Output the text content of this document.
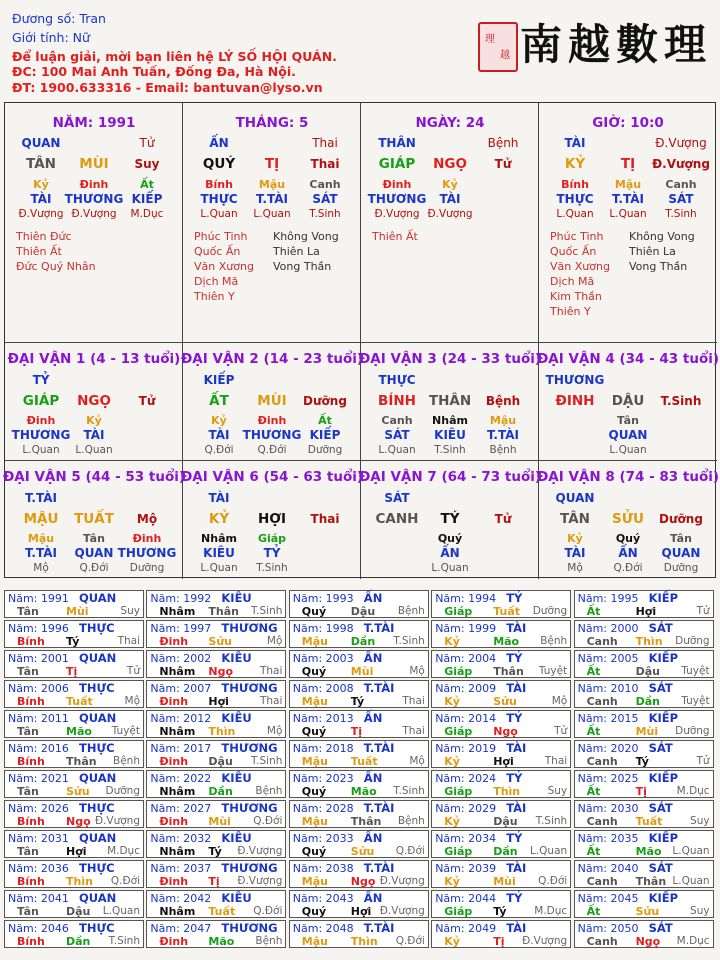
Đương số: Tran
Giới tính: Nữ
Để luận giải, mời bạn liên hệ LÝ SỐ HỘI QUÁN.
ĐC: 100 Mai Anh Tuấn, Đống Đa, Hà Nội.
ĐT: 1900.633316 - Email: bantuvan@lyso.vn
理
越 南 越 數 理
NĂM: 1991
QUAN	Tử
TÂN MÙI Suy
Kỷ	Đinh	Ất
TÀI THƯƠNG KIẾP
Đ.Vượng Đ.Vượng M.Dục
Thiên Đức
Thiên Ất
Đức Quý Nhân
THÁNG: 5
ẤN	Thai
QUÝ TỊ	Thai
Bính Mậu Canh
THỰC T.TÀI SÁT
L.Quan L.Quan T.Sinh
Phúc Tinh
Quốc Ấn
Văn Xương
Dịch Mã
Thiên Y
Không Vong
Thiên La
Vong Thần
NGÀY: 24
THÂN	Bệnh
GIÁP NGỌ Tử
Đinh	Kỷ
THƯƠNG TÀI
Đ.Vượng Đ.Vượng
Thiên Ất
GIỜ: 10:0
TÀI	Đ.Vượng
KỶ	TỊ Đ.Vượng
Bính Mậu Canh
THỰC T.TÀI SÁT
L.Quan L.Quan T.Sinh
Phúc Tinh
Quốc Ấn
Văn Xương
Dịch Mã
Kim Thần
Thiên Y
Không Vong
Thiên La
Vong Thần
ĐẠI VẬN 1 (4 - 13 tuổi)
TỶ
GIÁP NGỌ Tử
Đinh	Kỷ
THƯƠNG TÀI
L.Quan L.Quan
ĐẠI VẬN 2 (14 - 23 tuổi)
KIẾP
ẤT MÙI Dưỡng
Kỷ	Đinh	Ất
TÀI THƯƠNG KIẾP
Q.Đới Q.Đới Dưỡng
ĐẠI VẬN 3 (24 - 33 tuổi)
THỰC
BÍNH THÂN Bệnh
Canh Nhâm Mậu
SÁT KIÊU T.TÀI
L.Quan T.Sinh Bệnh
ĐẠI VẬN 4 (34 - 43 tuổi)
THƯƠNG
ĐINH DẬU T.Sinh
Tân
QUAN
L.Quan
ĐẠI VẬN 5 (44 - 53 tuổi)
T.TÀI
MẬU TUẤT Mộ
Mậu	Tân	Đinh
T.TÀI QUAN THƯƠNG
Mộ	Q.Đới Dưỡng
ĐẠI VẬN 6 (54 - 63 tuổi)
TÀI
KỶ HỢI Thai
Nhâm Giáp
KIÊU TỶ
L.Quan T.Sinh
ĐẠI VẬN 7 (64 - 73 tuổi)
SÁT
CANH TÝ	Tử
Quý
ẤN
L.Quan
ĐẠI VẬN 8 (74 - 83 tuổi)
QUAN
TÂN SỬU Dưỡng
Kỷ	Quý	Tân
TÀI	ẤN QUAN
Mộ	Q.Đới Dưỡng
Năm: 1991 QUAN
Tân Mùi	Suy
Năm: 1992 KIÊU
Nhâm Thân T.Sinh
Năm: 1993 ẤN
Quý Dậu Bệnh
Năm: 1994 TỶ
Giáp Tuất Dưỡng
Năm: 1995 KIẾP
Ất	Hợi	Tử
Năm: 1996 THỰC
Bính Tý	Thai
Năm: 1997 THƯƠNG
Đinh Sửu	Mộ
Năm: 1998 T.TÀI
Mậu Dần T.Sinh
Năm: 1999 TÀI
Kỷ	Mão Bệnh
Năm: 2000 SÁT
Canh Thìn Dưỡng
Năm: 2001 QUAN
Tân Tị	Tử
Năm: 2002 KIÊU
Nhâm Ngọ	Thai
Năm: 2003 ẤN
Quý Mùi	Mộ
Năm: 2004 TỶ
Giáp Thân Tuyệt
Năm: 2005 KIẾP
Ất	Dậu Tuyệt
Năm: 2006 THỰC
Bính Tuất	Mộ
Năm: 2007 THƯƠNG
Đinh Hợi	Thai
Năm: 2008 T.TÀI
Mậu Tý	Thai
Năm: 2009 TÀI
Kỷ	Sửu	Mộ
Năm: 2010 SÁT
Canh Dần Tuyệt
Năm: 2011 QUAN
Tân Mão Tuyệt
Năm: 2012 KIÊU
Nhâm Thìn	Mộ
Năm: 2013 ẤN
Quý Tị	Thai
Năm: 2014 TỶ
Giáp Ngọ	Tử
Năm: 2015 KIẾP
Ất	Mùi Dưỡng
Năm: 2016 THỰC
Bính Thân Bệnh
Năm: 2017 THƯƠNG
Đinh Dậu T.Sinh
Năm: 2018 T.TÀI
Mậu Tuất	Mộ
Năm: 2019 TÀI
Kỷ	Hợi	Thai
Năm: 2020 SÁT
Canh Tý	Tử
Năm: 2021 QUAN
Tân Sửu Dưỡng
Năm: 2022 KIÊU
Nhâm Dần Bệnh
Năm: 2023 ẤN
Quý Mão T.Sinh
Năm: 2024 TỶ
Giáp Thìn	Suy
Năm: 2025 KIẾP
Ất	Tị	M.Dục
Năm: 2026 THỰC
Bính Ngọ Đ.Vượng
Năm: 2027 THƯƠNG
Đinh Mùi Q.Đới
Năm: 2028 T.TÀI
Mậu Thân Bệnh
Năm: 2029 TÀI
Kỷ	Dậu T.Sinh
Năm: 2030 SÁT
Canh Tuất	Suy
Năm: 2031 QUAN
Tân Hợi M.Dục
Năm: 2032 KIÊU
Nhâm Tý Đ.Vượng
Năm: 2033 ẤN
Quý Sửu Q.Đới
Năm: 2034 TỶ
Giáp Dần L.Quan
Năm: 2035 KIẾP
Ất	Mão L.Quan
Năm: 2036 THỰC
Bính Thìn Q.Đới
Năm: 2037 THƯƠNG
Đinh Tị Đ.Vượng
Năm: 2038 T.TÀI
Mậu Ngọ Đ.Vượng
Năm: 2039 TÀI
Kỷ	Mùi Q.Đới
Năm: 2040 SÁT
Canh Thân L.Quan
Năm: 2041 QUAN
Tân Dậu L.Quan
Năm: 2042 KIÊU
Nhâm Tuất Q.Đới
Năm: 2043 ẤN
Quý Hợi Đ.Vượng
Năm: 2044 TỶ
Giáp Tý	M.Dục
Năm: 2045 KIẾP
Ất	Sửu	Suy
Năm: 2046 THỰC
Bính Dần T.Sinh
Năm: 2047 THƯƠNG
Đinh Mão Bệnh
Năm: 2048 T.TÀI
Mậu Thìn Q.Đới
Năm: 2049 TÀI
Kỷ	Tị Đ.Vượng
Năm: 2050 SÁT
Canh Ngọ M.Dục
